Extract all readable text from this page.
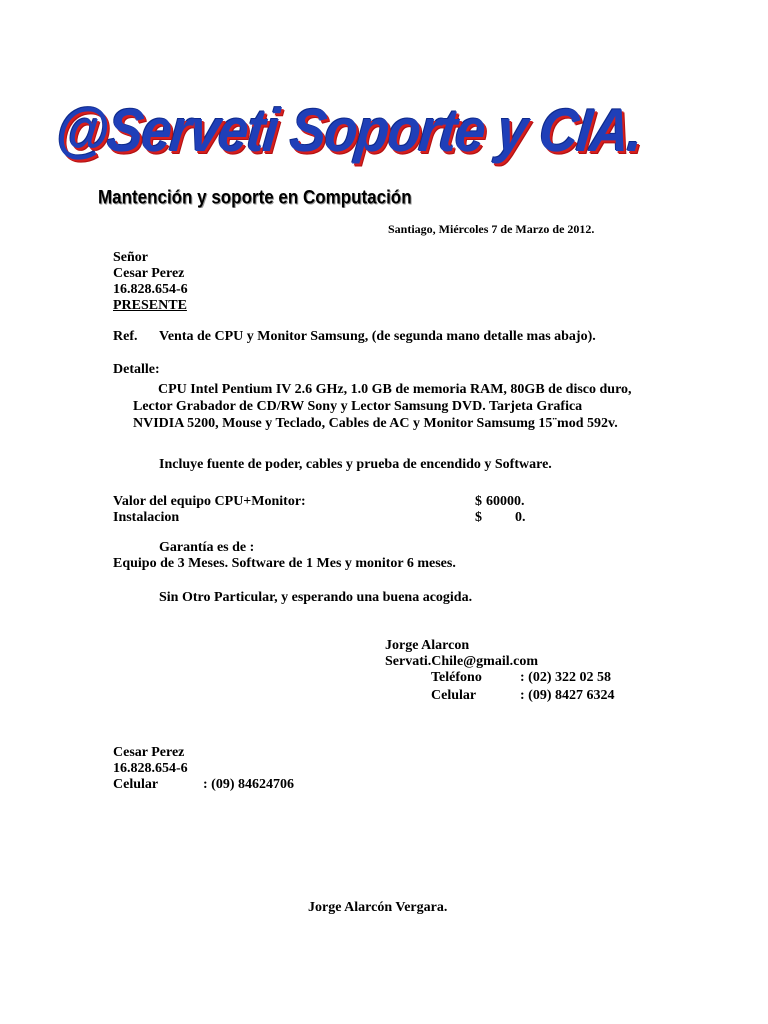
@Serveti Soporte y CIA.
Mantención y soporte en Computación
Santiago, Miércoles 7 de Marzo de 2012.
Señor
Cesar Perez
16.828.654-6
PRESENTE
Ref. Venta de CPU y Monitor Samsung, (de segunda mano detalle mas abajo).
Detalle:
CPU Intel Pentium IV 2.6 GHz, 1.0 GB de memoria RAM, 80GB de disco duro, Lector Grabador de CD/RW Sony y Lector Samsung DVD. Tarjeta Grafica NVIDIA 5200, Mouse y Teclado, Cables de AC y Monitor Samsumg 15¨mod 592v.
Incluye fuente de poder, cables y prueba de encendido y Software.
Valor del equipo CPU+Monitor:	$ 60000.
Instalacion	$ 0.
Garantía es de :
Equipo de 3 Meses. Software de 1 Mes y monitor 6 meses.
Sin Otro Particular, y esperando una buena acogida.
Jorge Alarcon
Servati.Chile@gmail.com
Teléfono	: (02) 322 02 58
Celular	: (09) 8427 6324
Cesar Perez
16.828.654-6
Celular	: (09) 84624706
Jorge Alarcón Vergara.
